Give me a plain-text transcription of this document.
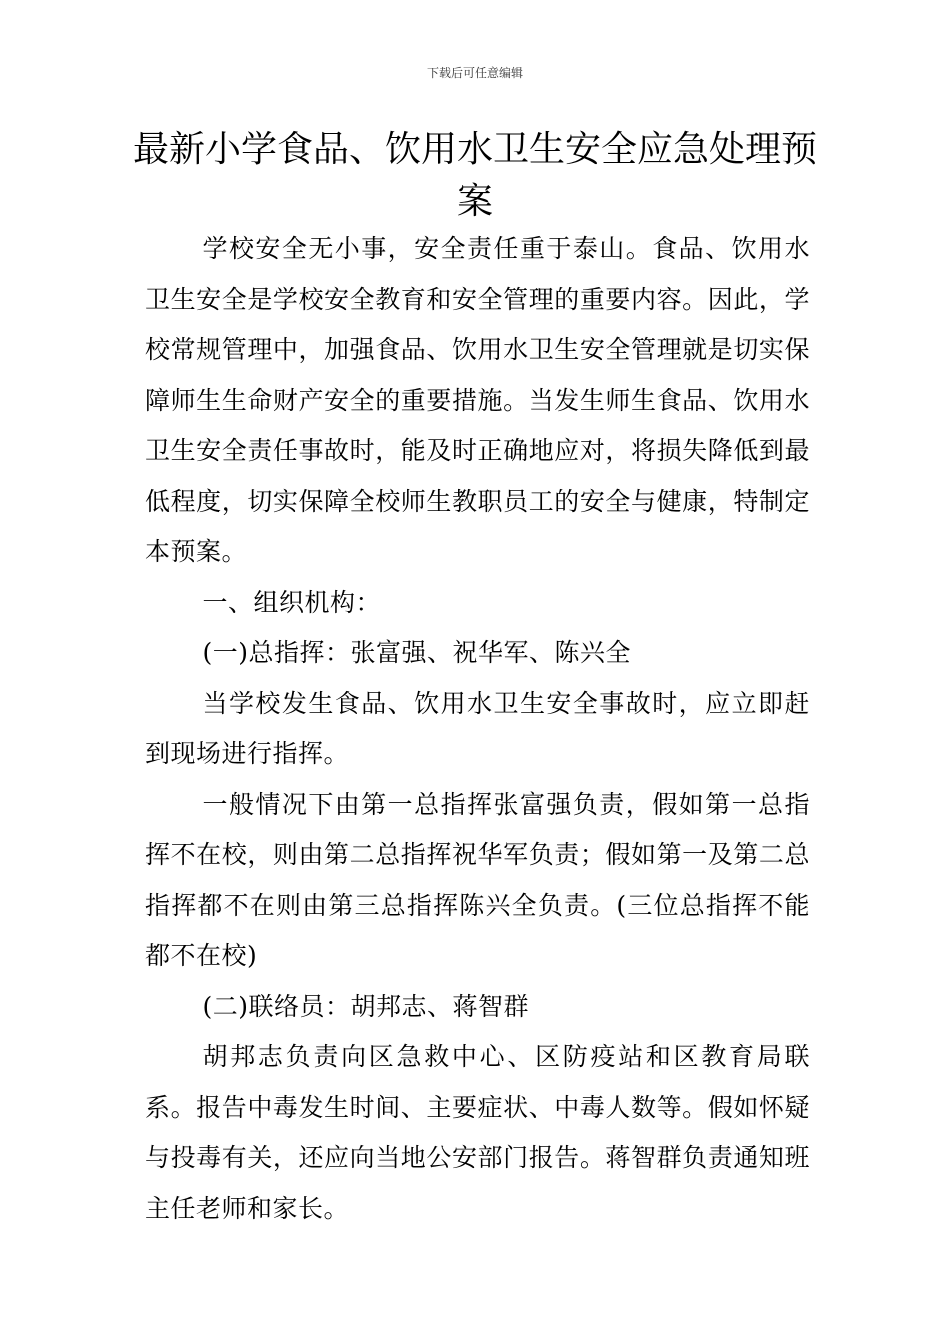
下载后可任意编辑
最新小学食品、饮用水卫生安全应急处理预案

学校安全无小事，安全责任重于泰山。食品、饮用水卫生安全是学校安全教育和安全管理的重要内容。因此，学校常规管理中，加强食品、饮用水卫生安全管理就是切实保障师生生命财产安全的重要措施。当发生师生食品、饮用水卫生安全责任事故时，能及时正确地应对，将损失降低到最低程度，切实保障全校师生教职员工的安全与健康，特制定本预案。

一、组织机构：

(一)总指挥：张富强、祝华军、陈兴全

当学校发生食品、饮用水卫生安全事故时，应立即赶到现场进行指挥。

一般情况下由第一总指挥张富强负责，假如第一总指挥不在校，则由第二总指挥祝华军负责；假如第一及第二总指挥都不在则由第三总指挥陈兴全负责。(三位总指挥不能都不在校)

(二)联络员：胡邦志、蒋智群

胡邦志负责向区急救中心、区防疫站和区教育局联系。报告中毒发生时间、主要症状、中毒人数等。假如怀疑与投毒有关，还应向当地公安部门报告。蒋智群负责通知班主任老师和家长。
